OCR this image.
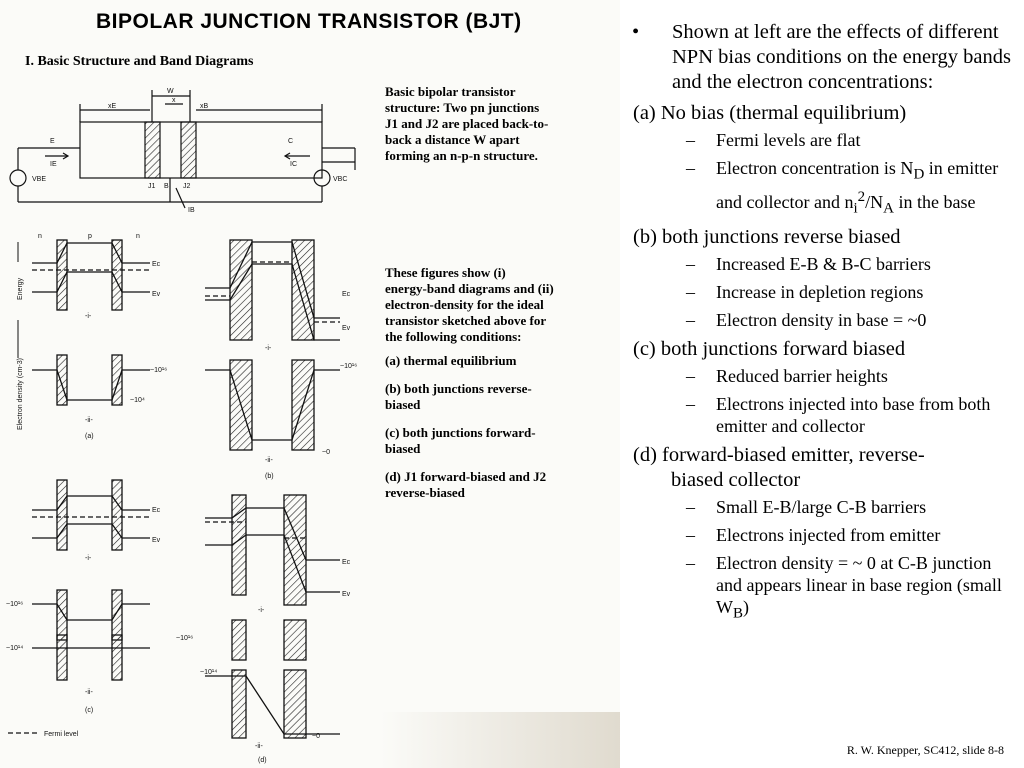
BIPOLAR JUNCTION TRANSISTOR (BJT)
I. Basic Structure and Band Diagrams
Basic bipolar transistor
structure: Two pn junctions
J1 and J2 are placed back-to-
back a distance W apart
forming an n-p-n structure.
These figures show (i)
energy-band diagrams and (ii)
electron-density for the ideal
transistor sketched above for
the following conditions:
(a) thermal equilibrium
(b) both junctions reverse-
biased
(c) both junctions forward-
biased
(d) J1 forward-biased and J2
reverse-biased
W
xE
x
xB
E	C
IE	IC
VBE	VBC
J1 B J2
IB
Energy
Electron density (cm-3)
n	p	n
Ec
Ev
-i-
~10¹⁶
~10⁴
-ii-
(a)
Ec
Ev
-i-
~10¹⁶
~0
-ii-
(b)
Ec
Ev
-i-
~10¹⁶
~10¹⁴
-ii-
(c)
Ec
Ev
-i-
~10¹⁶
~10¹⁴
~0
-ii-
(d)
Fermi level
• Shown at left are the effects of different NPN bias conditions on the energy bands and the electron concentrations:
(a) No bias (thermal equilibrium)
– Fermi levels are flat
– Electron concentration is $N_D$ in emitter and collector and $n_i^2/N_A$ in the base
(b) both junctions reverse biased
– Increased E-B & B-C barriers
– Increase in depletion regions
– Electron density in base = ~0
(c) both junctions forward biased
– Reduced barrier heights
– Electrons injected into base from both emitter and collector
(d) forward-biased emitter, reverse-
biased collector
– Small E-B/large C-B barriers
– Electrons injected from emitter
– Electron density = ~ 0 at C-B junction and appears linear in base region (small $W_B$)
R. W. Knepper, SC412, slide 8-8
